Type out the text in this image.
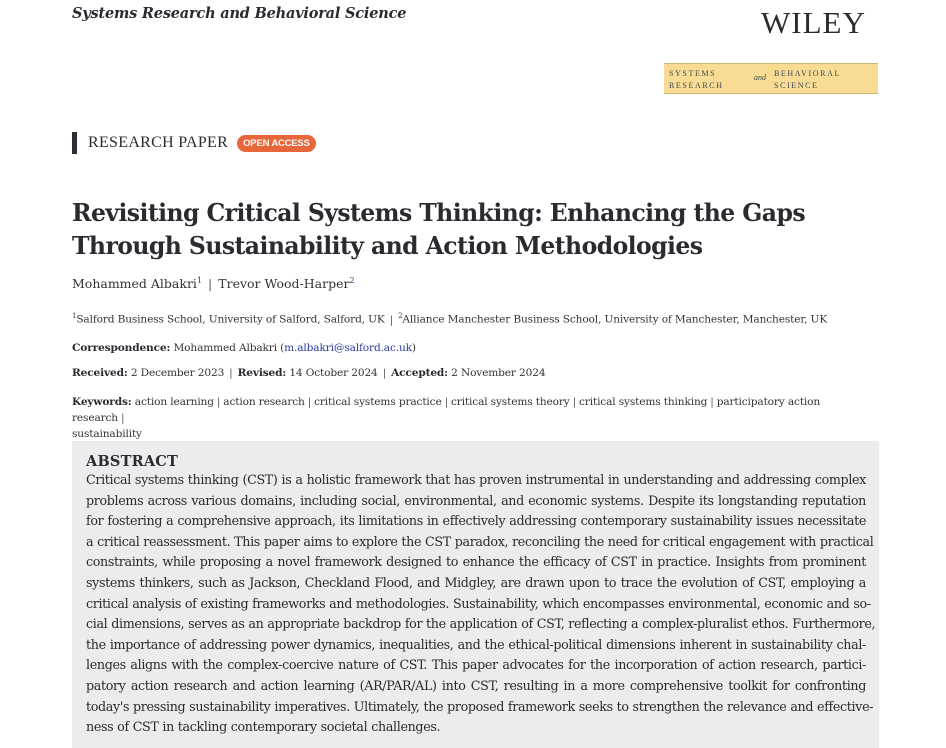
Systems Research and Behavioral Science	WILEY
systems
research	and behavioral
science
RESEARCH PAPER	OPEN ACCESS
Revisiting Critical Systems Thinking: Enhancing the Gaps Through Sustainability and Action Methodologies
Mohammed Albakri$^1$ | Trevor Wood-Harper$^2$
$^1$Salford Business School, University of Salford, Salford, UK | $^2$Alliance Manchester Business School, University of Manchester, Manchester, UK
Correspondence: Mohammed Albakri (m.albakri@salford.ac.uk)
Received: 2 December 2023 | Revised: 14 October 2024 | Accepted: 2 November 2024
Keywords: action learning | action research | critical systems practice | critical systems theory | critical systems thinking | participatory action research |
sustainability
ABSTRACT

Critical systems thinking (CST) is a holistic framework that has proven instrumental in understanding and addressing complex
problems across various domains, including social, environmental, and economic systems. Despite its longstanding reputation
for fostering a comprehensive approach, its limitations in effectively addressing contemporary sustainability issues necessitate
a critical reassessment. This paper aims to explore the CST paradox, reconciling the need for critical engagement with practical
constraints, while proposing a novel framework designed to enhance the efficacy of CST in practice. Insights from prominent
systems thinkers, such as Jackson, Checkland Flood, and Midgley, are drawn upon to trace the evolution of CST, employing a
critical analysis of existing frameworks and methodologies. Sustainability, which encompasses environmental, economic and so-
cial dimensions, serves as an appropriate backdrop for the application of CST, reflecting a complex-pluralist ethos. Furthermore,
the importance of addressing power dynamics, inequalities, and the ethical-political dimensions inherent in sustainability chal-
lenges aligns with the complex-coercive nature of CST. This paper advocates for the incorporation of action research, partici-
patory action research and action learning (AR/PAR/AL) into CST, resulting in a more comprehensive toolkit for confronting
today's pressing sustainability imperatives. Ultimately, the proposed framework seeks to strengthen the relevance and effective-
ness of CST in tackling contemporary societal challenges.
